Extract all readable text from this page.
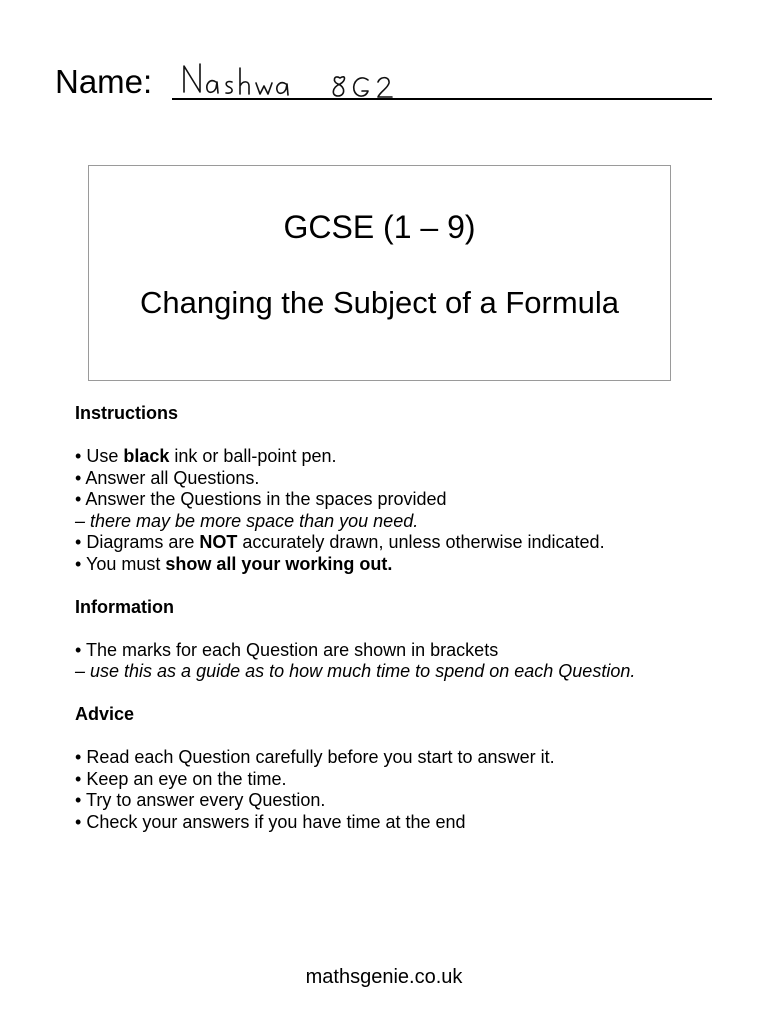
Name:
GCSE (1 – 9)
Changing the Subject of a Formula

Instructions

• Use black ink or ball-point pen.

• Answer all Questions.

• Answer the Questions in the spaces provided

– there may be more space than you need.

• Diagrams are NOT accurately drawn, unless otherwise indicated.

• You must show all your working out.

Information

• The marks for each Question are shown in brackets

– use this as a guide as to how much time to spend on each Question.

Advice

• Read each Question carefully before you start to answer it.

• Keep an eye on the time.

• Try to answer every Question.

• Check your answers if you have time at the end

mathsgenie.co.uk
